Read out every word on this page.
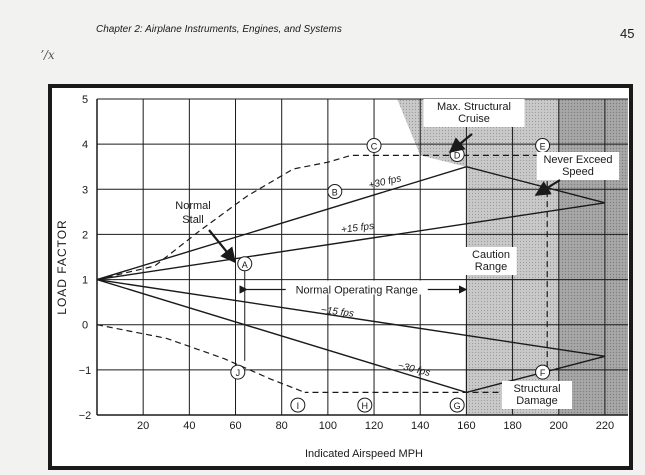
Chapter 2: Airplane Instruments, Engines, and Systems	45
ʼ/x
+30 fps
+15 fps
−30 fps
−15 fps
20	40	60	80	100	120	140	160	180	200	220
−2
−1
0
1
2
3
4
5
A
B
C
D
E
F
G
H
I
J
Max. Structural
Cruise
Never Exceed
Speed
Normal
Stall
Caution
Range
Structural
Damage
Normal Operating Range
LOAD FACTOR
Indicated Airspeed MPH
